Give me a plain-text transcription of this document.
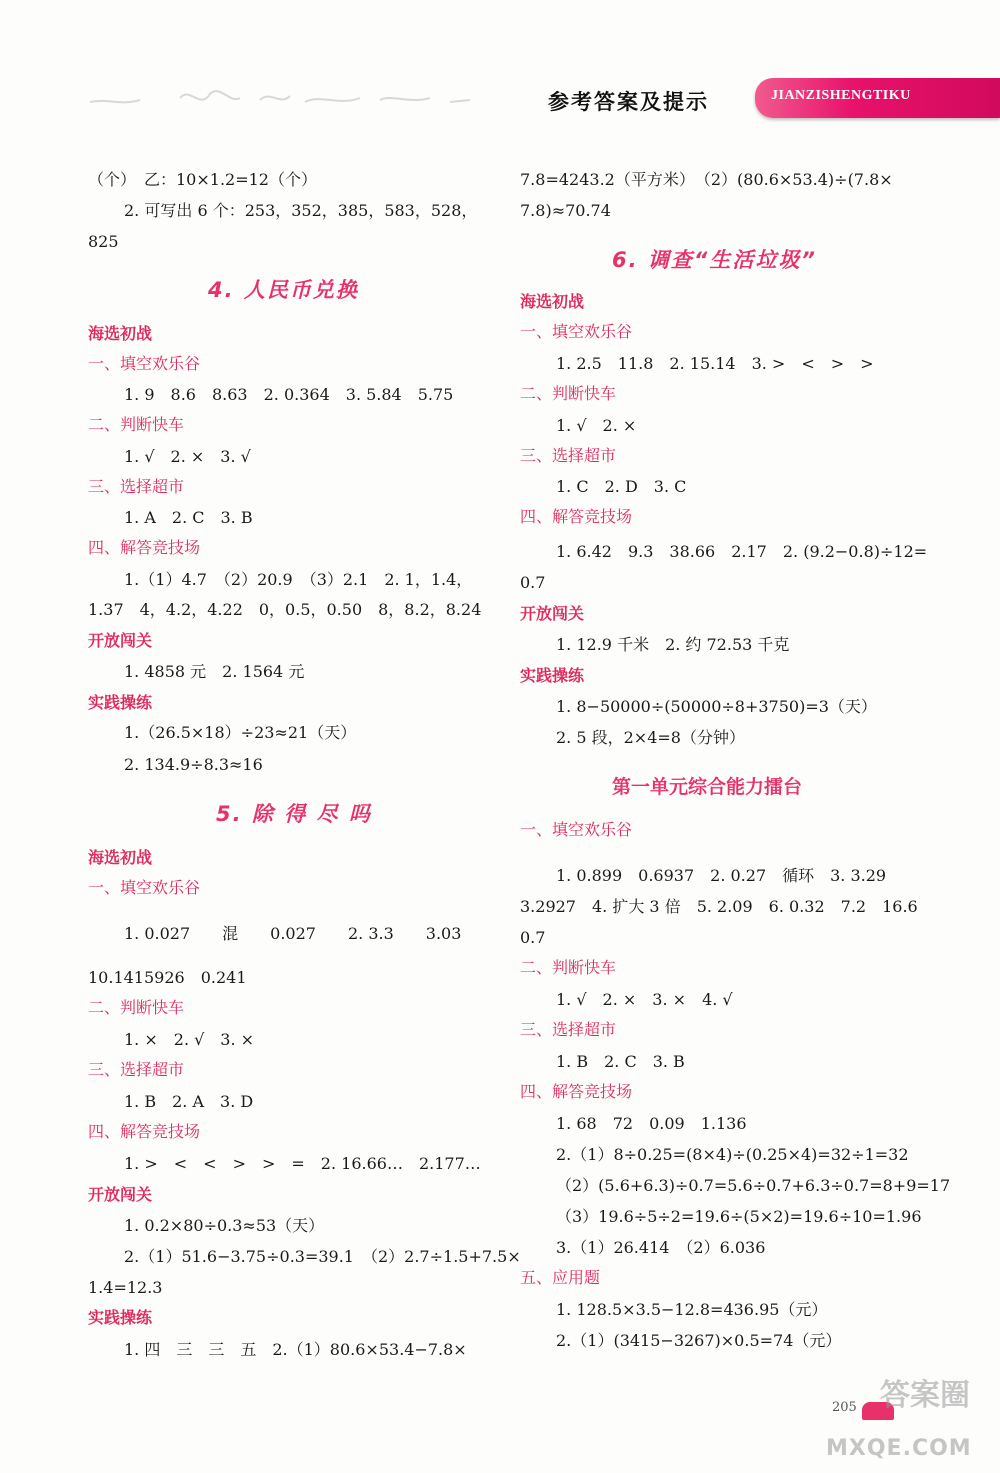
参考答案及提示	JIANZISHENGTIKU
（个）　乙：10×1.2=12（个）
2. 可写出 6 个：253，352，385，583，528，
825
4. 人民币兑换
海选初战
一、填空欢乐谷
1. 9　8.6　8.63　2. 0.364　3. 5.84　5.75
二、判断快车
1. √　2. ×　3. √
三、选择超市
1. A　2. C　3. B
四、解答竞技场
1.（1）4.7　（2）20.9　（3）2.1　2. 1，1.4，
1.37　4，4.2，4.22　0，0.5，0.50　8，8.2，8.24
开放闯关
1. 4858 元　2. 1564 元
实践操练
1.（26.5×18）÷23≈21（天）
2. 134.9÷8.3≈16
5. 除 得 尽 吗
海选初战
一、填空欢乐谷
1. 0.027　　混　　0.027　　2. 3.3　　3.03
10.1415926　0.241
二、判断快车
1. ×　2. √　3. ×
三、选择超市
1. B　2. A　3. D
四、解答竞技场
1. >　<　<　>　>　=　2. 16.66…　2.177…
开放闯关
1. 0.2×80÷0.3≈53（天）
2.（1）51.6−3.75÷0.3=39.1　（2）2.7÷1.5+7.5×
1.4=12.3
实践操练
1. 四　三　三　五　2.（1）80.6×53.4−7.8×
7.8=4243.2（平方米）　（2）(80.6×53.4)÷(7.8×
7.8)≈70.74
6. 调查“生活垃圾”
海选初战
一、填空欢乐谷
1. 2.5　11.8　2. 15.14　3. >　<　>　>
二、判断快车
1. √　2. ×
三、选择超市
1. C　2. D　3. C
四、解答竞技场
1. 6.42　9.3　38.66　2.17　2. (9.2−0.8)÷12=
0.7
开放闯关
1. 12.9 千米　2. 约 72.53 千克
实践操练
1. 8−50000÷(50000÷8+3750)=3（天）
2. 5 段，2×4=8（分钟）
第一单元综合能力擂台
一、填空欢乐谷
1. 0.899　0.6937　2. 0.27　循环　3. 3.29
3.2927　4. 扩大 3 倍　5. 2.09　6. 0.32　7.2　16.6
0.7
二、判断快车
1. √　2. ×　3. ×　4. √
三、选择超市
1. B　2. C　3. B
四、解答竞技场
1. 68　72　0.09　1.136
2.（1）8÷0.25=(8×4)÷(0.25×4)=32÷1=32
（2）(5.6+6.3)÷0.7=5.6÷0.7+6.3÷0.7=8+9=17
（3）19.6÷5÷2=19.6÷(5×2)=19.6÷10=1.96
3.（1）26.414　（2）6.036
五、应用题
1. 128.5×3.5−12.8=436.95（元）
2.（1）(3415−3267)×0.5=74（元）
205 答案圈
MXQE.COM
